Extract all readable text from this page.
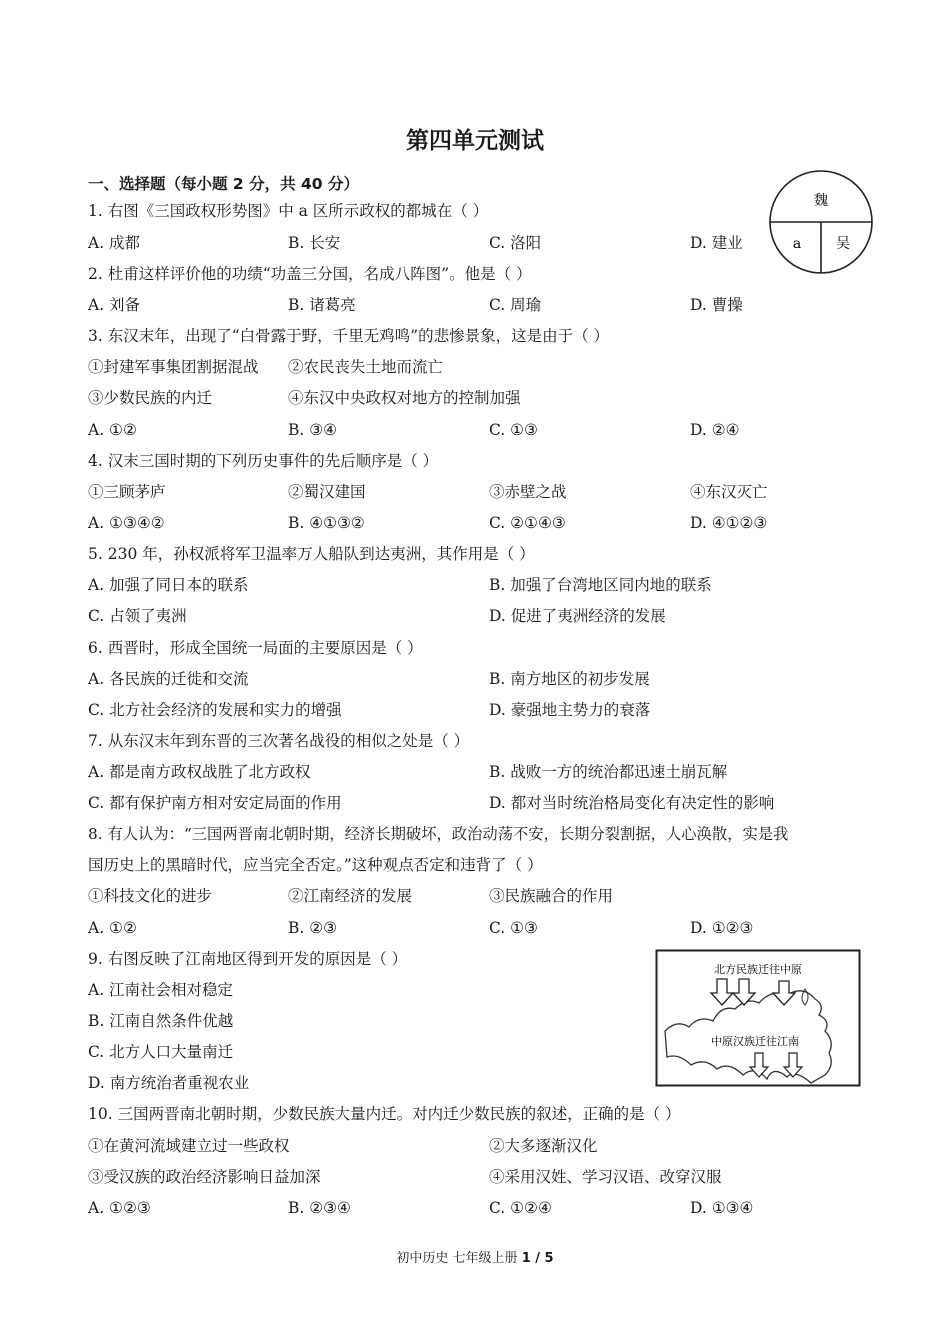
第四单元测试
一、选择题（每小题 2 分，共 40 分）
魏
a 吴
1. 右图《三国政权形势图》中 a 区所示政权的都城在（ ）
A. 成都	B. 长安	C. 洛阳	D. 建业
2. 杜甫这样评价他的功绩“功盖三分国，名成八阵图”。他是（ ）
A. 刘备	B. 诸葛亮	C. 周瑜	D. 曹操
3. 东汉末年，出现了“白骨露于野，千里无鸡鸣”的悲惨景象，这是由于（ ）
①封建军事集团割据混战 ②农民丧失土地而流亡
③少数民族的内迁	④东汉中央政权对地方的控制加强
A. ①②	B. ③④	C. ①③	D. ②④
4. 汉末三国时期的下列历史事件的先后顺序是（ ）
①三顾茅庐	②蜀汉建国	③赤壁之战	④东汉灭亡
A. ①③④②	B. ④①③②	C. ②①④③	D. ④①②③
5. 230 年，孙权派将军卫温率万人船队到达夷洲，其作用是（ ）
A. 加强了同日本的联系	B. 加强了台湾地区同内地的联系
C. 占领了夷洲	D. 促进了夷洲经济的发展
6. 西晋时，形成全国统一局面的主要原因是（ ）
A. 各民族的迁徙和交流	B. 南方地区的初步发展
C. 北方社会经济的发展和实力的增强	D. 豪强地主势力的衰落
7. 从东汉末年到东晋的三次著名战役的相似之处是（ ）
A. 都是南方政权战胜了北方政权	B. 战败一方的统治都迅速土崩瓦解
C. 都有保护南方相对安定局面的作用	D. 都对当时统治格局变化有决定性的影响
8. 有人认为：“三国两晋南北朝时期，经济长期破坏，政治动荡不安，长期分裂割据，人心涣散，实是我
国历史上的黑暗时代，应当完全否定。”这种观点否定和违背了（ ）
①科技文化的进步	②江南经济的发展	③民族融合的作用
A. ①②	B. ②③	C. ①③	D. ①②③
9. 右图反映了江南地区得到开发的原因是（ ）
A. 江南社会相对稳定
B. 江南自然条件优越
C. 北方人口大量南迁
D. 南方统治者重视农业
北方民族迁往中原
中原汉族迁往江南
10. 三国两晋南北朝时期，少数民族大量内迁。对内迁少数民族的叙述，正确的是（ ）
①在黄河流域建立过一些政权	②大多逐渐汉化
③受汉族的政治经济影响日益加深	④采用汉姓、学习汉语、改穿汉服
A. ①②③	B. ②③④	C. ①②④	D. ①③④
初中历史 七年级上册 1 / 5
